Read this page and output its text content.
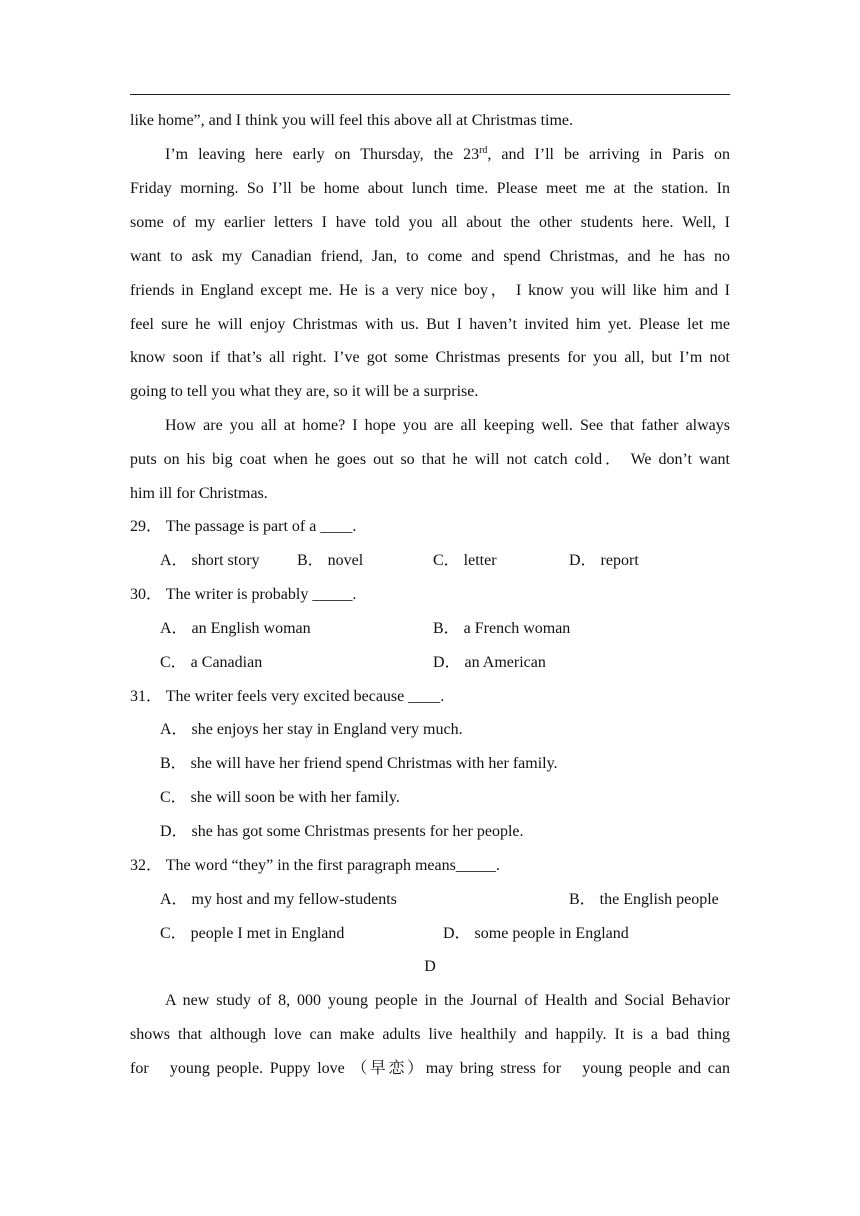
like home”, and I think you will feel this above all at Christmas time.
I’m leaving here early on Thursday, the 23rd, and I’ll be arriving in Paris on
Friday morning. So I’ll be home about lunch time. Please meet me at the station. In
some of my earlier letters I have told you all about the other students here. Well, I
want to ask my Canadian friend, Jan, to come and spend Christmas, and he has no
friends in England except me. He is a very nice boy， I know you will like him and I
feel sure he will enjoy Christmas with us. But I haven’t invited him yet. Please let me
know soon if that’s all right. I’ve got some Christmas presents for you all, but I’m not
going to tell you what they are, so it will be a surprise.
How are you all at home? I hope you are all keeping well. See that father always
puts on his big coat when he goes out so that he will not catch cold． We don’t want
him ill for Christmas.
29． The passage is part of a ____.
A． short story B． novel	C． letter	D． report
30． The writer is probably _____.
A． an English woman	B． a French woman
C． a Canadian	D． an American
31． The writer feels very excited because ____.
A． she enjoys her stay in England very much.
B． she will have her friend spend Christmas with her family.
C． she will soon be with her family.
D． she has got some Christmas presents for her people.
32． The word “they” in the first paragraph means_____.
A． my host and my fellow-students	B． the English people
C． people I met in England	D． some people in England
D
A new study of 8, 000 young people in the Journal of Health and Social Behavior
shows that although love can make adults live healthily and happily. It is a bad thing
for　young people. Puppy love （早恋）may bring stress for　young people and can
